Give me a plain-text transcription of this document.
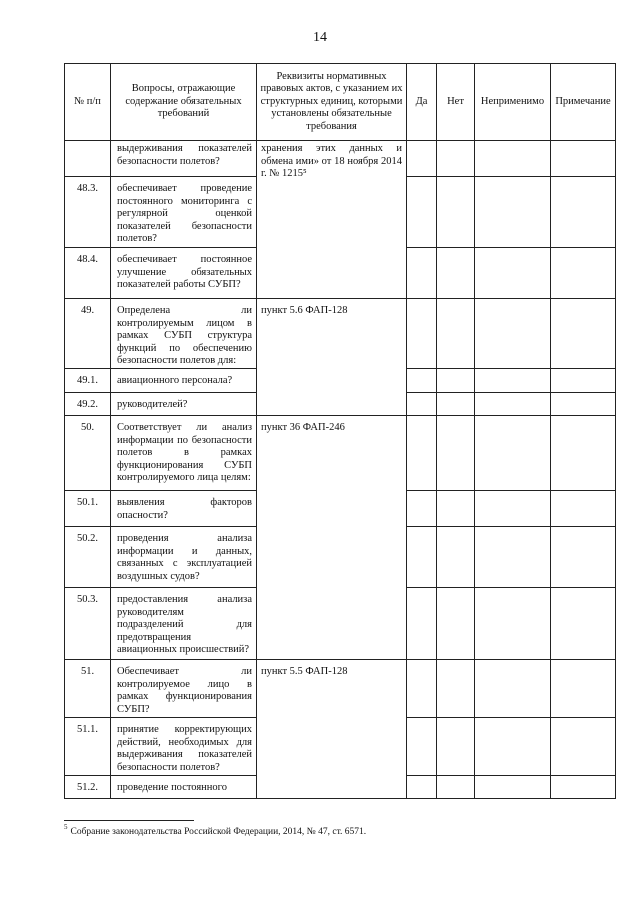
14
№ п/п	Вопросы, отражающие содержание обязательных требований	Реквизиты нормативных правовых актов, с указанием их структурных единиц, которыми установлены обязательные требования	Да	Нет	Неприменимо	Примечание
	выдерживания показателей безопасности полетов?	хранения этих данных и обмена ими» от 18 ноября 2014 г. № 1215⁵				
48.3.	обеспечивает проведение постоянного мониторинга с регулярной оценкой показателей безопасности полетов?					
48.4.	обеспечивает постоянное улучшение обязательных показателей работы СУБП?					
49.	Определена ли контролируемым лицом в рамках СУБП структура функций по обеспечению безопасности полетов для:	пункт 5.6 ФАП-128				
49.1.	авиационного персонала?					
49.2.	руководителей?					
50.	Соответствует ли анализ информации по безопасности полетов в рамках функционирования СУБП контролируемого лица целям:	пункт 36 ФАП-246				
50.1.	выявления факторов опасности?					
50.2.	проведения анализа информации и данных, связанных с эксплуатацией воздушных судов?					
50.3.	предоставления анализа руководителям подразделений для предотвращения авиационных происшествий?					
51.	Обеспечивает ли контролируемое лицо в рамках функционирования СУБП?	пункт 5.5 ФАП-128				
51.1.	принятие корректирующих действий, необходимых для выдерживания показателей безопасности полетов?					
51.2.	проведение постоянного					
$^5$Собрание законодательства Российской Федерации, 2014, № 47, ст. 6571.
